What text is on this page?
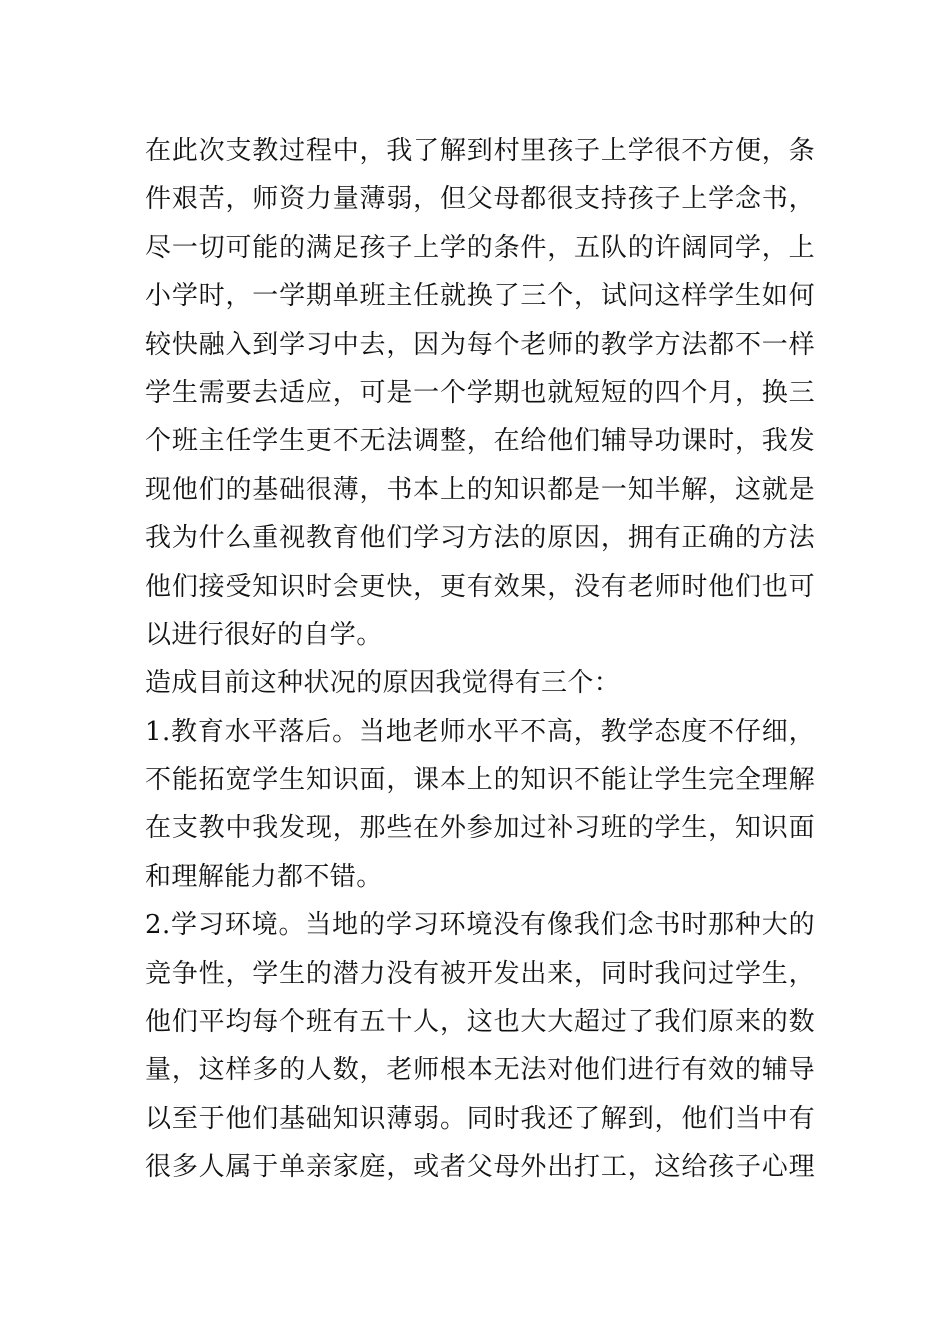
在此次支教过程中，我了解到村里孩子上学很不方便，条
件艰苦，师资力量薄弱，但父母都很支持孩子上学念书，
尽一切可能的满足孩子上学的条件，五队的许阔同学，上
小学时，一学期单班主任就换了三个，试问这样学生如何
较快融入到学习中去，因为每个老师的教学方法都不一样
学生需要去适应，可是一个学期也就短短的四个月，换三
个班主任学生更不无法调整，在给他们辅导功课时，我发
现他们的基础很薄，书本上的知识都是一知半解，这就是
我为什么重视教育他们学习方法的原因，拥有正确的方法
他们接受知识时会更快，更有效果，没有老师时他们也可
以进行很好的自学。
造成目前这种状况的原因我觉得有三个：
1.教育水平落后。当地老师水平不高，教学态度不仔细，
不能拓宽学生知识面，课本上的知识不能让学生完全理解
在支教中我发现，那些在外参加过补习班的学生，知识面
和理解能力都不错。
2.学习环境。当地的学习环境没有像我们念书时那种大的
竞争性，学生的潜力没有被开发出来，同时我问过学生，
他们平均每个班有五十人，这也大大超过了我们原来的数
量，这样多的人数，老师根本无法对他们进行有效的辅导
以至于他们基础知识薄弱。同时我还了解到，他们当中有
很多人属于单亲家庭，或者父母外出打工，这给孩子心理
